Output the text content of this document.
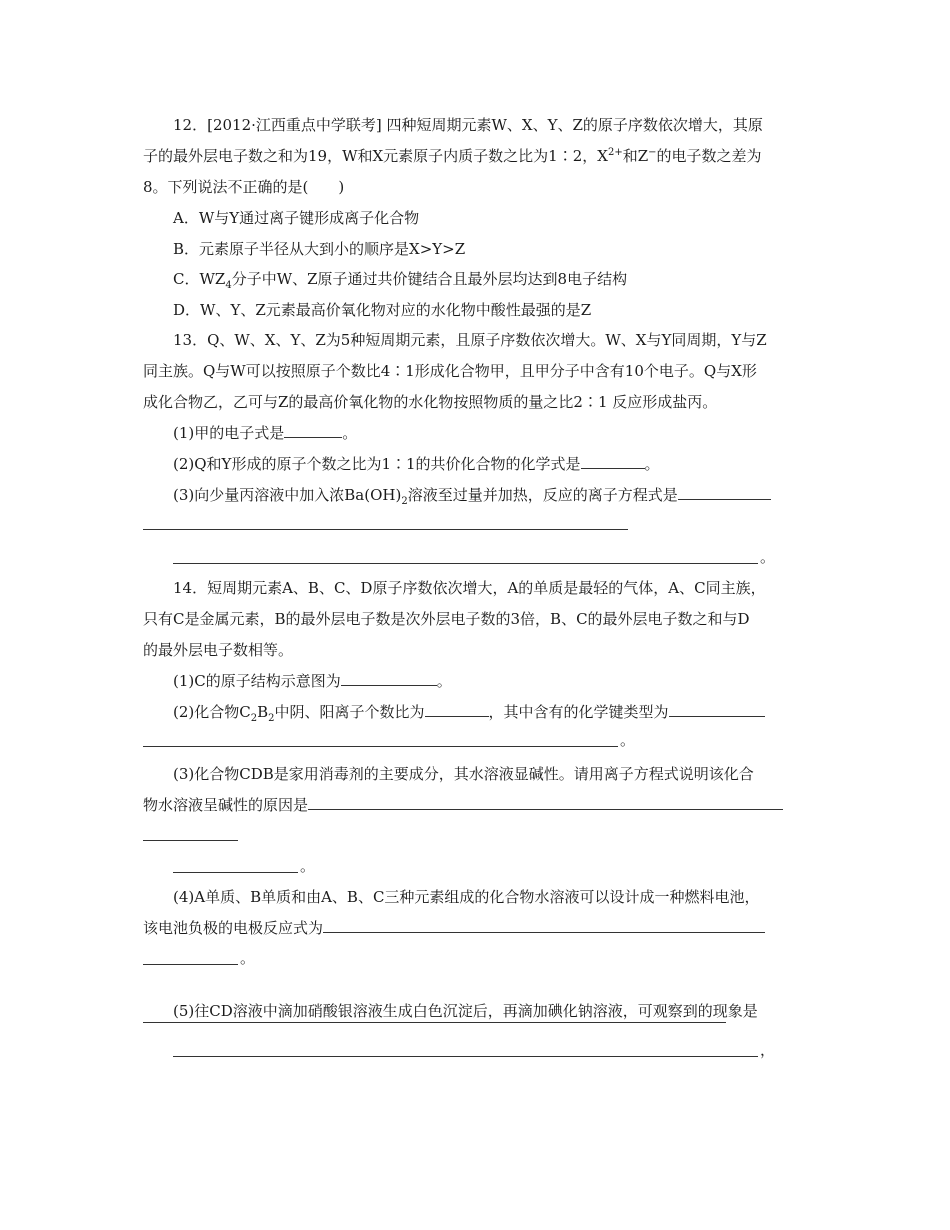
12．[2012·江西重点中学联考] 四种短周期元素W、X、Y、Z的原子序数依次增大，其原
子的最外层电子数之和为19，W和X元素原子内质子数之比为1∶2，$X^{2+}$和Z−的电子数之差为
8。下列说法不正确的是(　　)
A．W与Y通过离子键形成离子化合物
B．元素原子半径从大到小的顺序是X>Y>Z
C．$WZ_4$分子中W、Z原子通过共价键结合且最外层均达到8电子结构
D．W、Y、Z元素最高价氧化物对应的水化物中酸性最强的是Z
13．Q、W、X、Y、Z为5种短周期元素，且原子序数依次增大。W、X与Y同周期，Y与Z
同主族。Q与W可以按照原子个数比4∶1形成化合物甲，且甲分子中含有10个电子。Q与X形
成化合物乙，乙可与Z的最高价氧化物的水化物按照物质的量之比2∶1 反应形成盐丙。
(1)甲的电子式是	。
(2)Q和Y形成的原子个数之比为1∶1的共价化合物的化学式是	。
(3)向少量丙溶液中加入浓$Ba(OH)_2$溶液至过量并加热，反应的离子方程式是
。
14．短周期元素A、B、C、D原子序数依次增大，A的单质是最轻的气体，A、C同主族，
只有C是金属元素，B的最外层电子数是次外层电子数的3倍，B、C的最外层电子数之和与D
的最外层电子数相等。
(1)C的原子结构示意图为	。
(2)化合物$C_2B_2$中阴、阳离子个数比为	，其中含有的化学键类型为
。
(3)化合物CDB是家用消毒剂的主要成分，其水溶液显碱性。请用离子方程式说明该化合
物水溶液呈碱性的原因是
。
(4)A单质、B单质和由A、B、C三种元素组成的化合物水溶液可以设计成一种燃料电池，
该电池负极的电极反应式为
。
(5)往CD溶液中滴加硝酸银溶液生成白色沉淀后，再滴加碘化钠溶液，可观察到的现象是
，
